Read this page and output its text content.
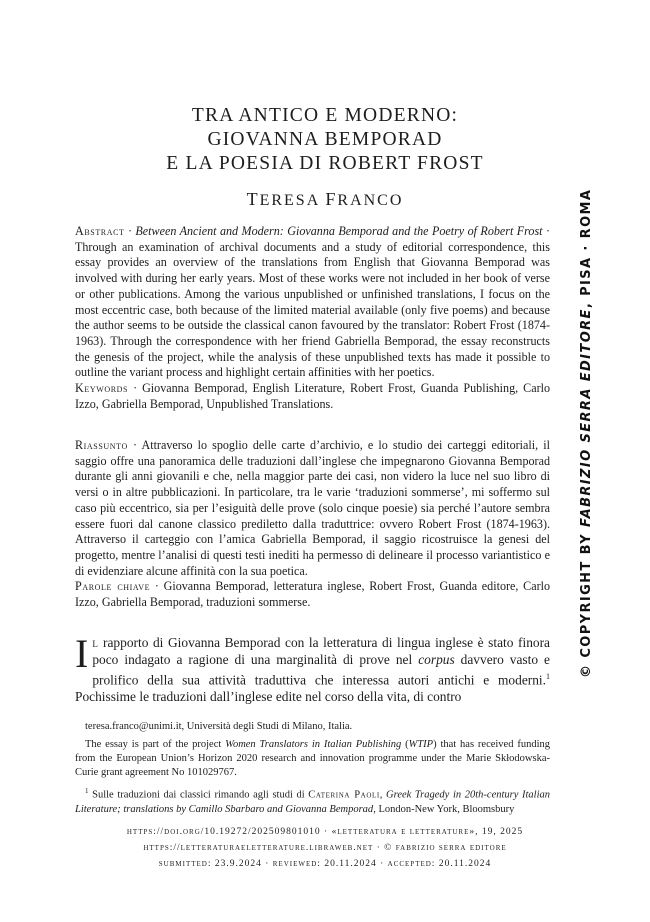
TRA ANTICO E MODERNO:
GIOVANNA BEMPORAD
E LA POESIA DI ROBERT FROST
TERESA FRANCO

Abstract · Between Ancient and Modern: Giovanna Bemporad and the Poetry of Robert Frost · Through an examination of archival documents and a study of editorial correspondence, this essay provides an overview of the translations from English that Giovanna Bemporad was involved with during her early years. Most of these works were not included in her book of verse or other publications. Among the various unpublished or unfinished translations, I focus on the most eccentric case, both because of the limited material available (only five poems) and because the author seems to be outside the classical canon favoured by the translator: Robert Frost (1874-1963). Through the correspondence with her friend Gabriella Bemporad, the essay reconstructs the genesis of the project, while the analysis of these unpublished texts has made it possible to outline the variant process and highlight certain affinities with her poetics.

Keywords · Giovanna Bemporad, English Literature, Robert Frost, Guanda Publishing, Carlo Izzo, Gabriella Bemporad, Unpublished Translations.

Riassunto · Attraverso lo spoglio delle carte d’archivio, e lo studio dei carteggi editoriali, il saggio offre una panoramica delle traduzioni dall’inglese che impegnarono Giovanna Bemporad durante gli anni giovanili e che, nella maggior parte dei casi, non videro la luce nel suo libro di versi o in altre pubblicazioni. In particolare, tra le varie ‘traduzioni sommerse’, mi soffermo sul caso più eccentrico, sia per l’esiguità delle prove (solo cinque poesie) sia perché l’autore sembra essere fuori dal canone classico prediletto dalla traduttrice: ovvero Robert Frost (1874-1963). Attraverso il carteggio con l’amica Gabriella Bemporad, il saggio ricostruisce la genesi del progetto, mentre l’analisi di questi testi inediti ha permesso di delineare il processo variantistico e di evidenziare alcune affinità con la sua poetica.

Parole chiave · Giovanna Bemporad, letteratura inglese, Robert Frost, Guanda editore, Carlo Izzo, Gabriella Bemporad, traduzioni sommerse.

Il rapporto di Giovanna Bemporad con la letteratura di lingua inglese è stato finora poco indagato a ragione di una marginalità di prove nel corpus davvero vasto e prolifico della sua attività traduttiva che interessa autori antichi e moderni.$^1$ Pochissime le traduzioni dall’inglese edite nel corso della vita, di contro

teresa.franco@unimi.it, Università degli Studi di Milano, Italia.

The essay is part of the project Women Translators in Italian Publishing (WTIP) that has received funding from the European Union’s Horizon 2020 research and innovation programme under the Marie Skłodowska-Curie grant agreement No 101029767.

$^1$ Sulle traduzioni dai classici rimando agli studi di Caterina Paoli, Greek Tragedy in 20th-century Italian Literature; translations by Camillo Sbarbaro and Giovanna Bemporad, London-New York, Bloomsbury

https://doi.org/10.19272/202509801010 · «letteratura e letterature», 19, 2025
https://letteraturaeletterature.libraweb.net · © fabrizio serra editore
submitted: 23.9.2024 · reviewed: 20.11.2024 · accepted: 20.11.2024
© COPYRIGHT BY FABRIZIO SERRA EDITORE, PISA · ROMA
